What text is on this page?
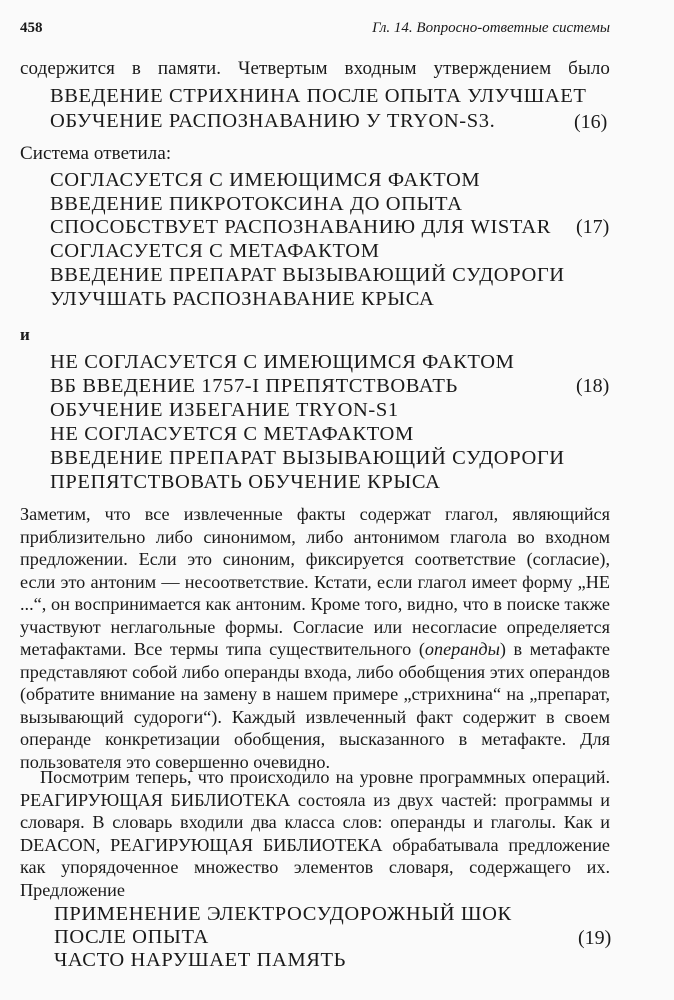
458	Гл. 14. Вопросно-ответные системы
содержится в памяти. Четвертым входным утверждением было
ВВЕДЕНИЕ СТРИХНИНА ПОСЛЕ ОПЫТА УЛУЧШАЕТ
ОБУЧЕНИЕ РАСПОЗНАВАНИЮ У TRYON-S3.	(16)
Система ответила:
СОГЛАСУЕТСЯ С ИМЕЮЩИМСЯ ФАКТОМ
ВВЕДЕНИЕ ПИКРОТОКСИНА ДО ОПЫТА
СПОСОБСТВУЕТ РАСПОЗНАВАНИЮ ДЛЯ WISTAR (17)
СОГЛАСУЕТСЯ С МЕТАФАКТОМ
ВВЕДЕНИЕ ПРЕПАРАТ ВЫЗЫВАЮЩИЙ СУДОРОГИ
УЛУЧШАТЬ РАСПОЗНАВАНИЕ КРЫСА
и
НЕ СОГЛАСУЕТСЯ С ИМЕЮЩИМСЯ ФАКТОМ
ВБ ВВЕДЕНИЕ 1757-I ПРЕПЯТСТВОВАТЬ	(18)
ОБУЧЕНИЕ ИЗБЕГАНИЕ TRYON-S1
НЕ СОГЛАСУЕТСЯ С МЕТАФАКТОМ
ВВЕДЕНИЕ ПРЕПАРАТ ВЫЗЫВАЮЩИЙ СУДОРОГИ
ПРЕПЯТСТВОВАТЬ ОБУЧЕНИЕ КРЫСА
Заметим, что все извлеченные факты содержат глагол, являющийся приблизительно либо синонимом, либо антонимом глагола во входном предложении. Если это синоним, фиксируется соответствие (согласие), если это антоним — несоответствие. Кстати, если глагол имеет форму „НЕ ...“, он воспринимается как антоним. Кроме того, видно, что в поиске также участвуют неглагольные формы. Согласие или несогласие определяется метафактами. Все термы типа существительного (операнды) в метафакте представляют собой либо операнды входа, либо обобщения этих операндов (обратите внимание на замену в нашем примере „стрихнина“ на „препарат, вызывающий судороги“). Каждый извлеченный факт содержит в своем операнде конкретизации обобщения, высказанного в метафакте. Для пользователя это совершенно очевидно.
Посмотрим теперь, что происходило на уровне программных операций. РЕАГИРУЮЩАЯ БИБЛИОТЕКА состояла из двух частей: программы и словаря. В словарь входили два класса слов: операнды и глаголы. Как и DEACON, РЕАГИРУЮЩАЯ БИБЛИОТЕКА обрабатывала предложение как упорядоченное множество элементов словаря, содержащего их. Предложение
ПРИМЕНЕНИЕ ЭЛЕКТРОСУДОРОЖНЫЙ ШОК
ПОСЛЕ ОПЫТА	(19)
ЧАСТО НАРУШАЕТ ПАМЯТЬ
